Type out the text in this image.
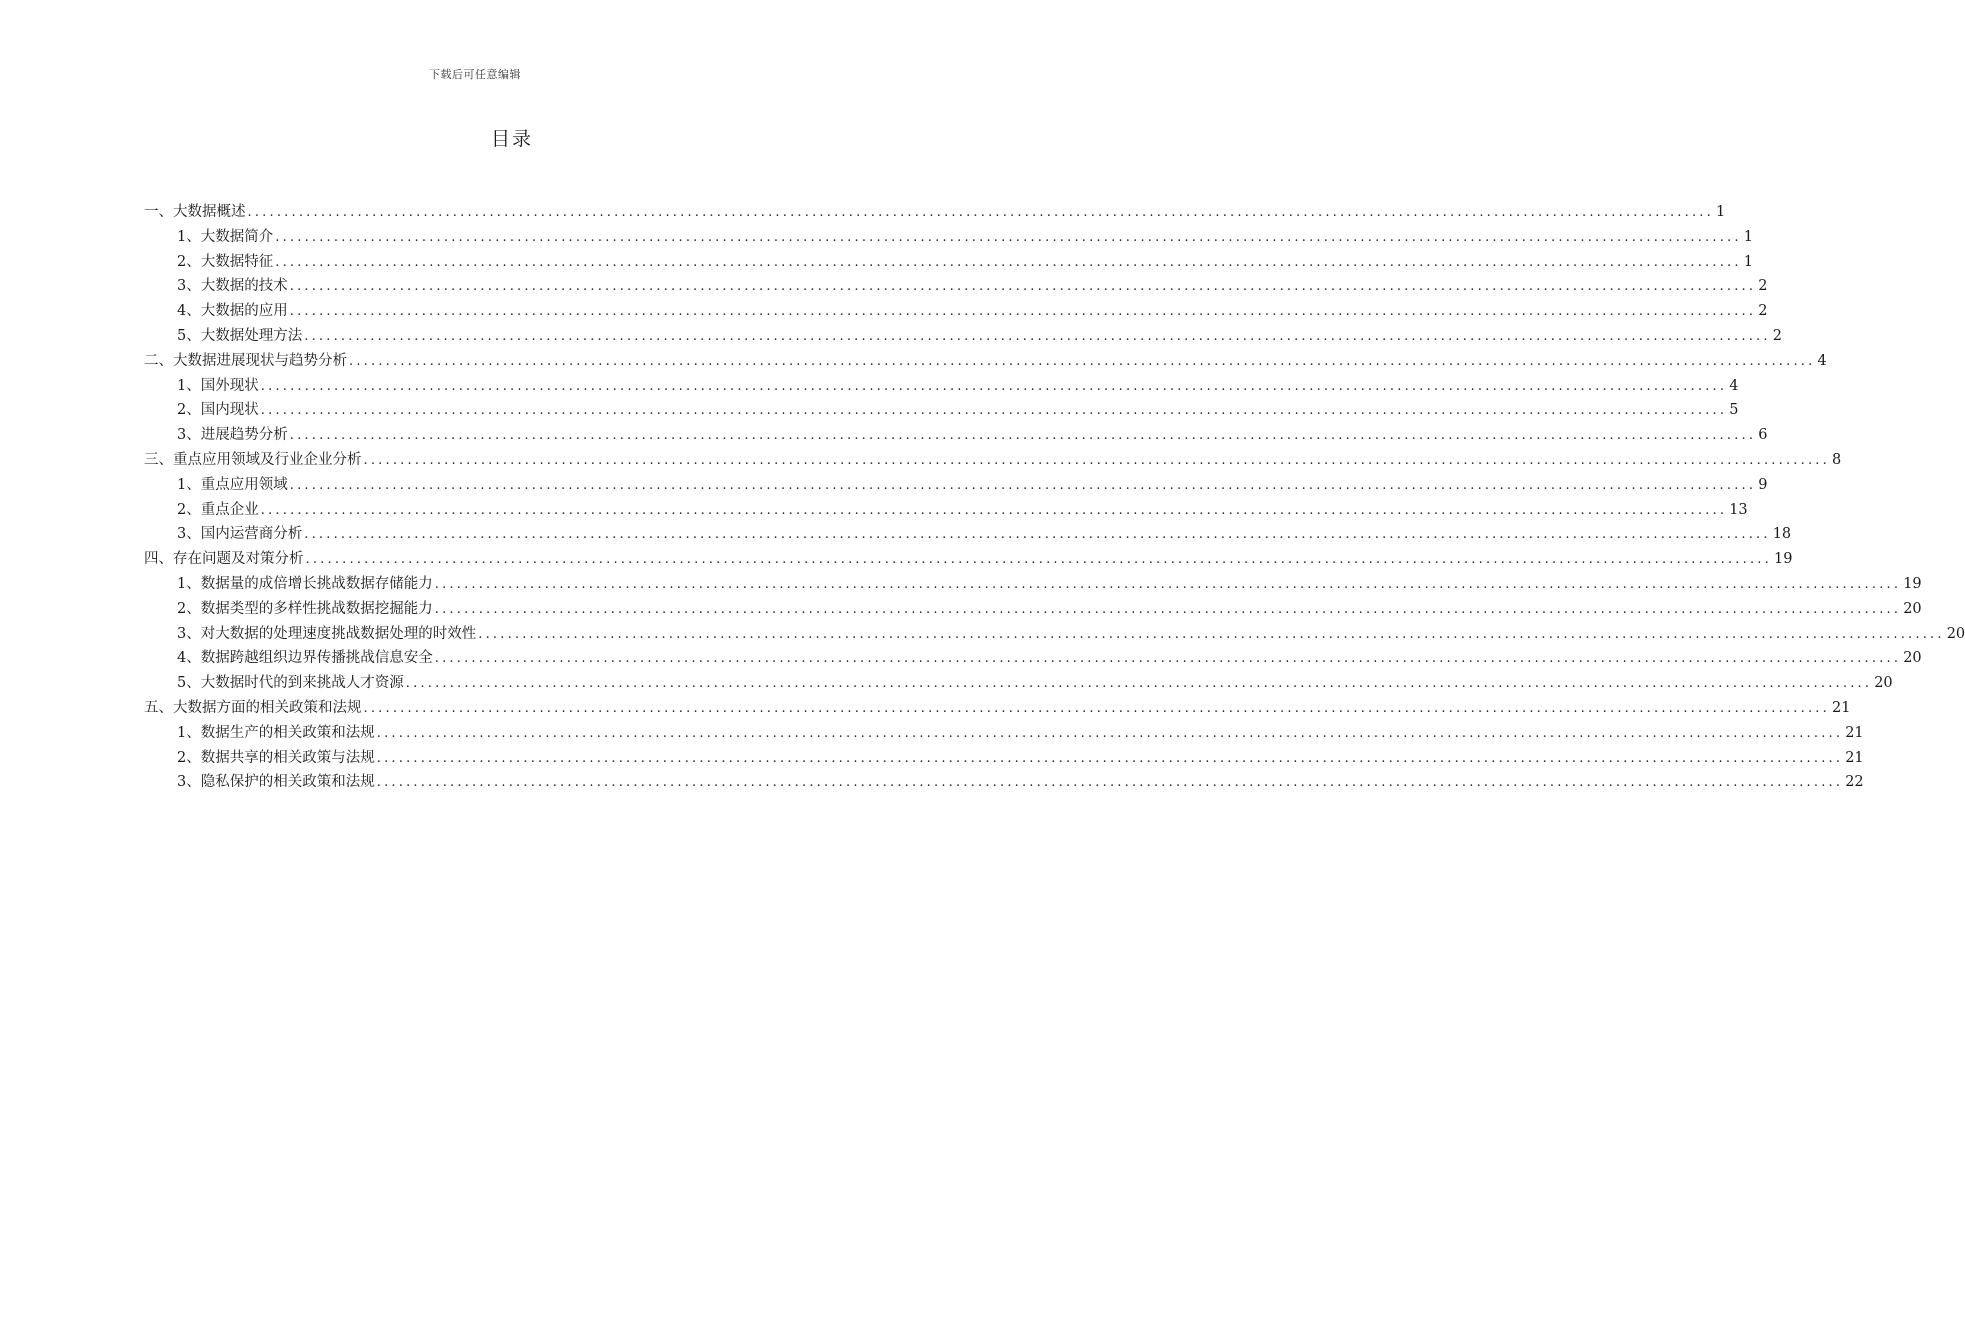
下载后可任意编辑
目录
一、大数据概述 ........................................................................................................................................................................................................ 1
1、大数据简介 ........................................................................................................................................................................................................ 1
2、大数据特征 ........................................................................................................................................................................................................ 1
3、大数据的技术 ........................................................................................................................................................................................................ 2
4、大数据的应用 ........................................................................................................................................................................................................ 2
5、大数据处理方法 ........................................................................................................................................................................................................ 2
二、大数据进展现状与趋势分析 ........................................................................................................................................................................................................ 4
1、国外现状 ........................................................................................................................................................................................................ 4
2、国内现状 ........................................................................................................................................................................................................ 5
3、进展趋势分析 ........................................................................................................................................................................................................ 6
三、重点应用领域及行业企业分析 ........................................................................................................................................................................................................ 8
1、重点应用领域 ........................................................................................................................................................................................................ 9
2、重点企业 ........................................................................................................................................................................................................ 13
3、国内运营商分析 ........................................................................................................................................................................................................ 18
四、存在问题及对策分析 ........................................................................................................................................................................................................ 19
1、数据量的成倍增长挑战数据存储能力 ........................................................................................................................................................................................................ 19
2、数据类型的多样性挑战数据挖掘能力 ........................................................................................................................................................................................................ 20
3、对大数据的处理速度挑战数据处理的时效性 ........................................................................................................................................................................................................ 20
4、数据跨越组织边界传播挑战信息安全 ........................................................................................................................................................................................................ 20
5、大数据时代的到来挑战人才资源 ........................................................................................................................................................................................................ 20
五、大数据方面的相关政策和法规 ........................................................................................................................................................................................................ 21
1、数据生产的相关政策和法规 ........................................................................................................................................................................................................ 21
2、数据共享的相关政策与法规 ........................................................................................................................................................................................................ 21
3、隐私保护的相关政策和法规 ........................................................................................................................................................................................................ 22
